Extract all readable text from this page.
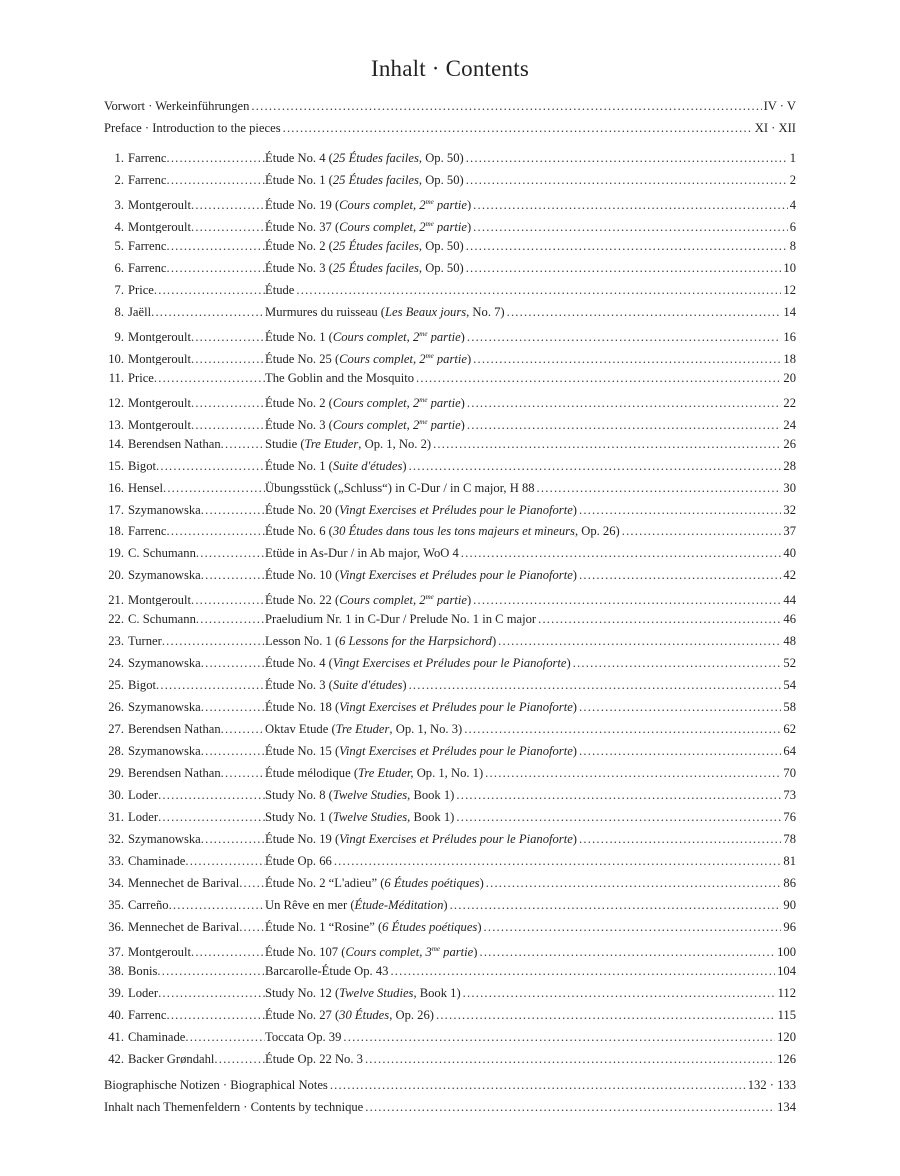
Inhalt · Contents
Vorwort · Werkeinführungen .....	IV · V
Preface · Introduction to the pieces .....	XI · XII
1. Farrenc .....	Étude No. 4 (25 Études faciles, Op. 50) .....	1
2. Farrenc .....	Étude No. 1 (25 Études faciles, Op. 50) .....	2
3. Montgeroult .....	Étude No. 19 (Cours complet, $2^{me}$ partie) .....	4
4. Montgeroult .....	Étude No. 37 (Cours complet, $2^{me}$ partie) .....	6
5. Farrenc .....	Étude No. 2 (25 Études faciles, Op. 50) .....	8
6. Farrenc .....	Étude No. 3 (25 Études faciles, Op. 50) .....	10
7. Price .....	Étude .....	12
8. Jaëll .....	Murmures du ruisseau (Les Beaux jours, No. 7) .....	14
9. Montgeroult .....	Étude No. 1 (Cours complet, $2^{me}$ partie) .....	16
10. Montgeroult .....	Étude No. 25 (Cours complet, $2^{me}$ partie) .....	18
11. Price .....	The Goblin and the Mosquito .....	20
12. Montgeroult .....	Étude No. 2 (Cours complet, $2^{me}$ partie) .....	22
13. Montgeroult .....	Étude No. 3 (Cours complet, $2^{me}$ partie) .....	24
14. Berendsen Nathan .....	Studie (Tre Etuder, Op. 1, No. 2) .....	26
15. Bigot .....	Étude No. 1 (Suite d'études) .....	28
16. Hensel .....	Übungsstück („Schluss“) in C-Dur / in C major, H 88 .....	30
17. Szymanowska .....	Étude No. 20 (Vingt Exercises et Préludes pour le Pianoforte) .....	32
18. Farrenc .....	Étude No. 6 (30 Études dans tous les tons majeurs et mineurs, Op. 26) .....	37
19. C. Schumann .....	Etüde in As-Dur / in Ab major, WoO 4 .....	40
20. Szymanowska .....	Étude No. 10 (Vingt Exercises et Préludes pour le Pianoforte) .....	42
21. Montgeroult .....	Étude No. 22 (Cours complet, $2^{me}$ partie) .....	44
22. C. Schumann .....	Praeludium Nr. 1 in C-Dur / Prelude No. 1 in C major .....	46
23. Turner .....	Lesson No. 1 (6 Lessons for the Harpsichord) .....	48
24. Szymanowska .....	Étude No. 4 (Vingt Exercises et Préludes pour le Pianoforte) .....	52
25. Bigot .....	Étude No. 3 (Suite d'études) .....	54
26. Szymanowska .....	Étude No. 18 (Vingt Exercises et Préludes pour le Pianoforte) .....	58
27. Berendsen Nathan .....	Oktav Etude (Tre Etuder, Op. 1, No. 3) .....	62
28. Szymanowska .....	Étude No. 15 (Vingt Exercises et Préludes pour le Pianoforte) .....	64
29. Berendsen Nathan .....	Étude mélodique (Tre Etuder, Op. 1, No. 1) .....	70
30. Loder .....	Study No. 8 (Twelve Studies, Book 1) .....	73
31. Loder .....	Study No. 1 (Twelve Studies, Book 1) .....	76
32. Szymanowska .....	Étude No. 19 (Vingt Exercises et Préludes pour le Pianoforte) .....	78
33. Chaminade .....	Étude Op. 66 .....	81
34. Mennechet de Barival ..... Étude No. 2 “L'adieu” (6 Études poétiques) .....	86
35. Carreño .....	Un Rêve en mer (Étude-Méditation) .....	90
36. Mennechet de Barival ..... Étude No. 1 “Rosine” (6 Études poétiques) .....	96
37. Montgeroult .....	Étude No. 107 (Cours complet, $3^{me}$ partie) .....	100
38. Bonis .....	Barcarolle-Étude Op. 43 .....	104
39. Loder .....	Study No. 12 (Twelve Studies, Book 1) .....	112
40. Farrenc .....	Étude No. 27 (30 Études, Op. 26) .....	115
41. Chaminade .....	Toccata Op. 39 .....	120
42. Backer Grøndahl .....	Étude Op. 22 No. 3 .....	126
Biographische Notizen · Biographical Notes .....	132 · 133
Inhalt nach Themenfeldern · Contents by technique .....	134
